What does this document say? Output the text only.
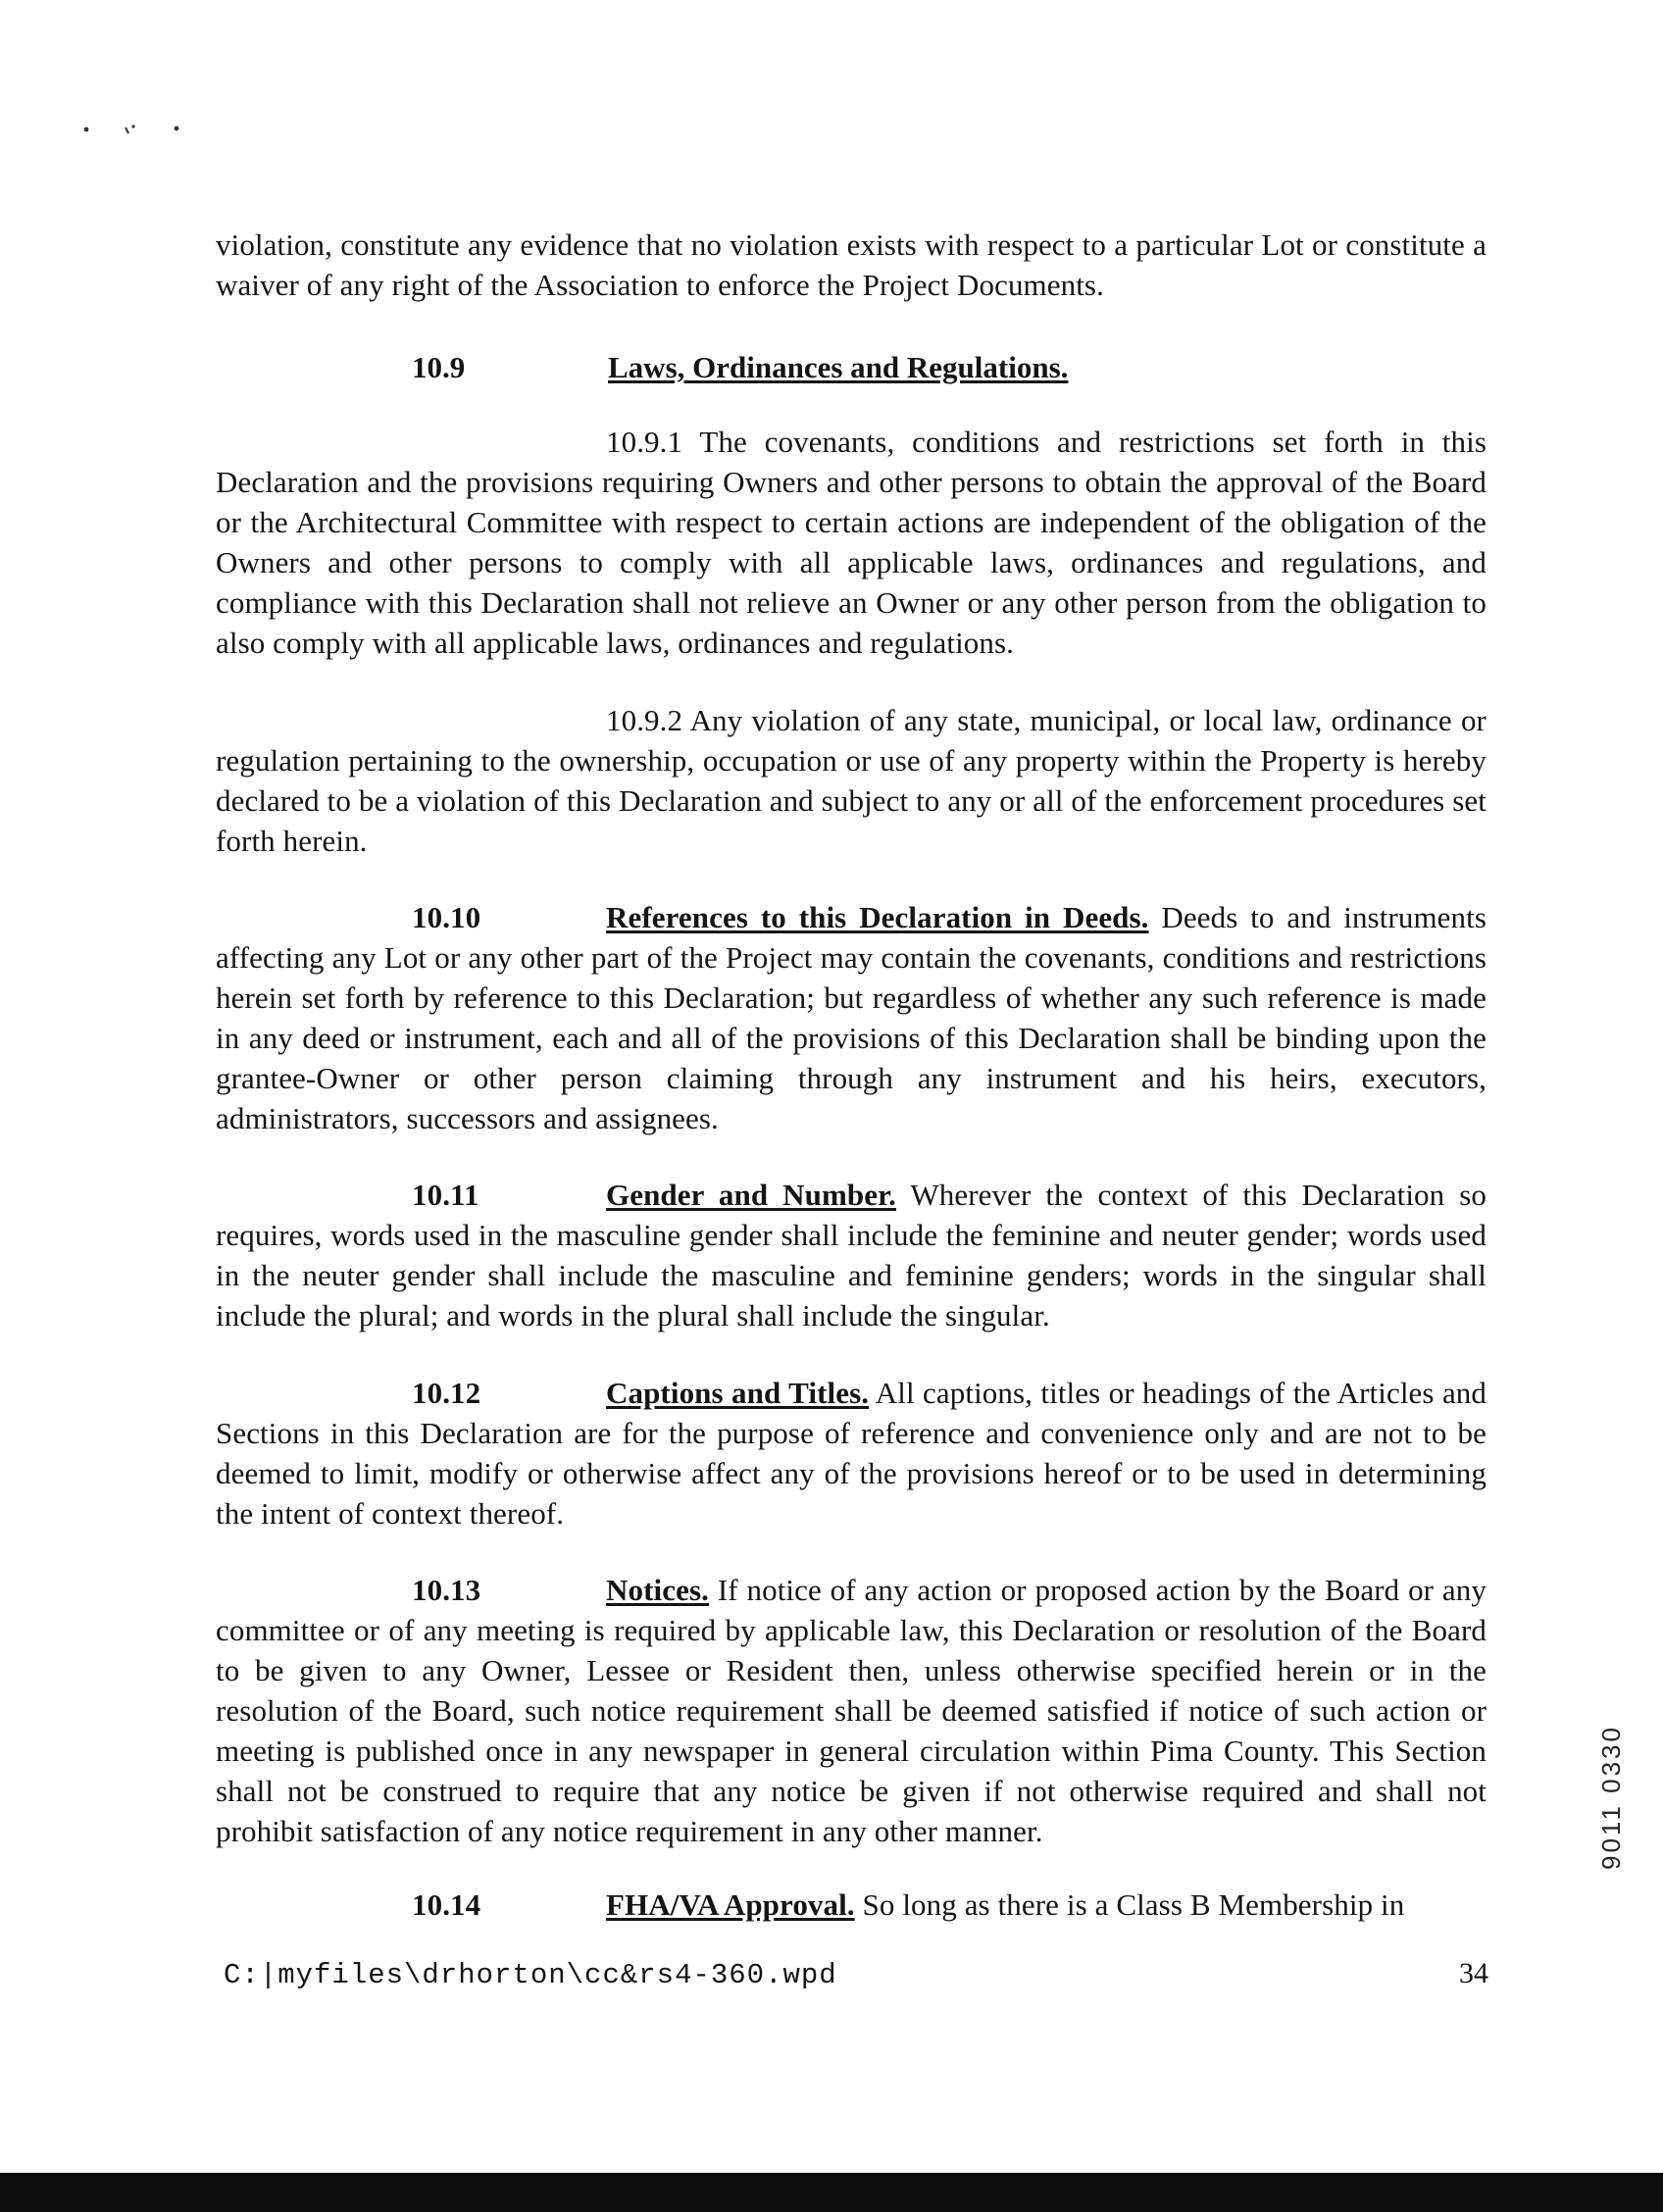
violation, constitute any evidence that no violation exists with respect to a particular Lot or constitute a waiver of any right of the Association to enforce the Project Documents.

10.9	Laws, Ordinances and Regulations.

10.9.1 The covenants, conditions and restrictions set forth in this Declaration and the provisions requiring Owners and other persons to obtain the approval of the Board or the Architectural Committee with respect to certain actions are independent of the obligation of the Owners and other persons to comply with all applicable laws, ordinances and regulations, and compliance with this Declaration shall not relieve an Owner or any other person from the obligation to also comply with all applicable laws, ordinances and regulations.

10.9.2 Any violation of any state, municipal, or local law, ordinance or regulation pertaining to the ownership, occupation or use of any property within the Property is hereby declared to be a violation of this Declaration and subject to any or all of the enforcement procedures set forth herein.

10.10	References to this Declaration in Deeds. Deeds to and instruments affecting any Lot or any other part of the Project may contain the covenants, conditions and restrictions herein set forth by reference to this Declaration; but regardless of whether any such reference is made in any deed or instrument, each and all of the provisions of this Declaration shall be binding upon the grantee-Owner or other person claiming through any instrument and his heirs, executors, administrators, successors and assignees.

10.11	Gender and Number. Wherever the context of this Declaration so requires, words used in the masculine gender shall include the feminine and neuter gender; words used in the neuter gender shall include the masculine and feminine genders; words in the singular shall include the plural; and words in the plural shall include the singular.

10.12	Captions and Titles. All captions, titles or headings of the Articles and Sections in this Declaration are for the purpose of reference and convenience only and are not to be deemed to limit, modify or otherwise affect any of the provisions hereof or to be used in determining the intent of context thereof.

10.13	Notices. If notice of any action or proposed action by the Board or any committee or of any meeting is required by applicable law, this Declaration or resolution of the Board to be given to any Owner, Lessee or Resident then, unless otherwise specified herein or in the resolution of the Board, such notice requirement shall be deemed satisfied if notice of such action or meeting is published once in any newspaper in general circulation within Pima County. This Section shall not be construed to require that any notice be given if not otherwise required and shall not prohibit satisfaction of any notice requirement in any other manner.

10.14	FHA/VA Approval. So long as there is a Class B Membership in

C:|myfiles\drhorton\cc&rs4-360.wpd	34
9011 0330
